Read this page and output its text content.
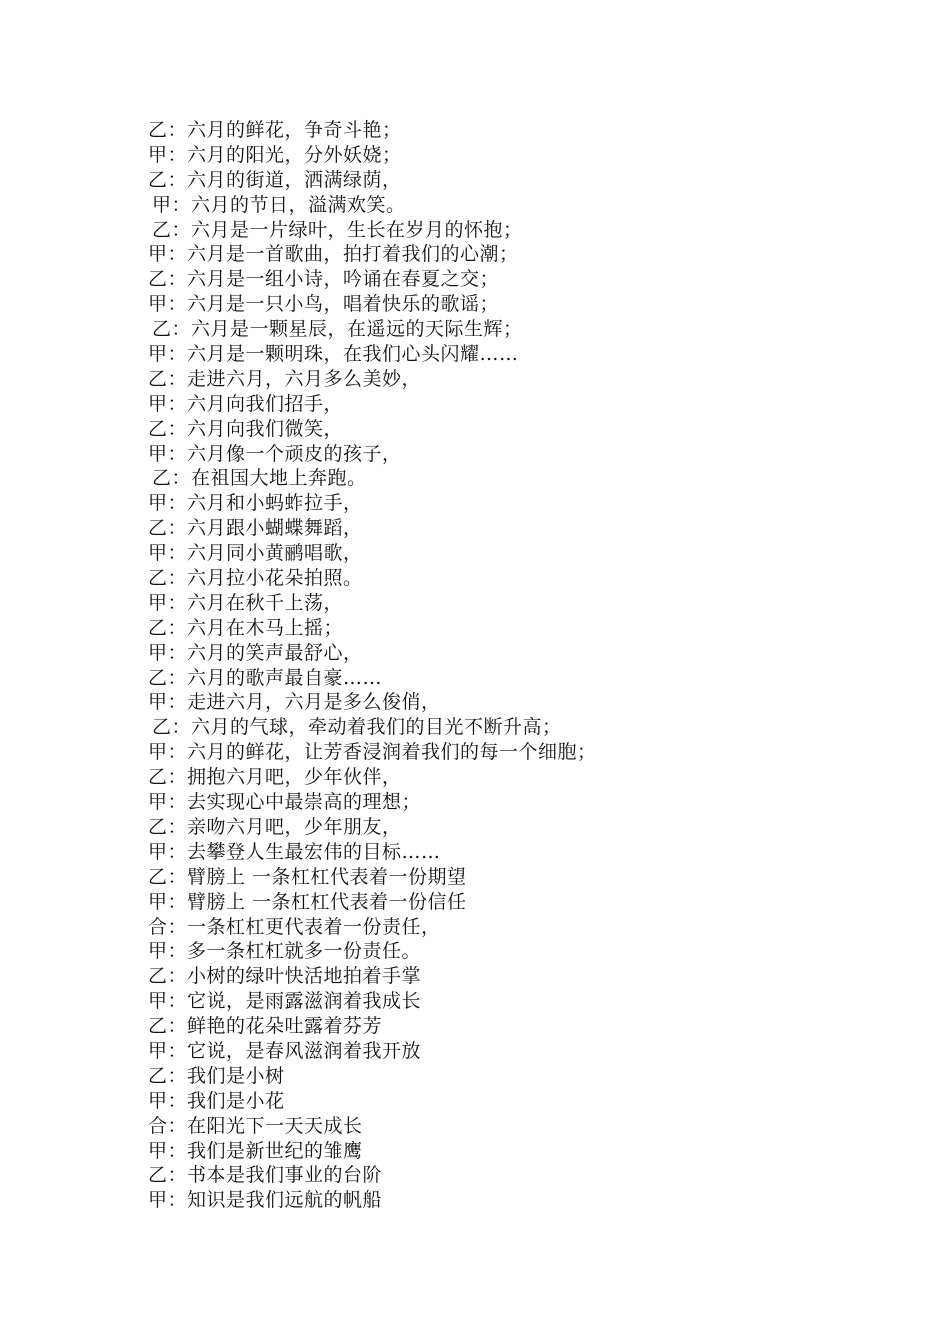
乙：六月的鲜花，争奇斗艳；
甲：六月的阳光，分外妖娆；
乙：六月的街道，洒满绿荫，
甲：六月的节日，溢满欢笑。
乙：六月是一片绿叶，生长在岁月的怀抱；
甲：六月是一首歌曲，拍打着我们的心潮；
乙：六月是一组小诗，吟诵在春夏之交；
甲：六月是一只小鸟，唱着快乐的歌谣；
乙：六月是一颗星辰，在遥远的天际生辉；
甲：六月是一颗明珠，在我们心头闪耀……
乙：走进六月，六月多么美妙，
甲：六月向我们招手，
乙：六月向我们微笑，
甲：六月像一个顽皮的孩子，
乙：在祖国大地上奔跑。
甲：六月和小蚂蚱拉手，
乙：六月跟小蝴蝶舞蹈，
甲：六月同小黄鹂唱歌，
乙：六月拉小花朵拍照。
甲：六月在秋千上荡，
乙：六月在木马上摇；
甲：六月的笑声最舒心，
乙：六月的歌声最自豪……
甲：走进六月，六月是多么俊俏，
乙：六月的气球，牵动着我们的目光不断升高；
甲：六月的鲜花，让芳香浸润着我们的每一个细胞；
乙：拥抱六月吧，少年伙伴，
甲：去实现心中最崇高的理想；
乙：亲吻六月吧，少年朋友，
甲：去攀登人生最宏伟的目标……
乙：臂膀上 一条杠杠代表着一份期望
甲：臂膀上 一条杠杠代表着一份信任
合：一条杠杠更代表着一份责任，
甲：多一条杠杠就多一份责任。
乙：小树的绿叶快活地拍着手掌
甲：它说，是雨露滋润着我成长
乙：鲜艳的花朵吐露着芬芳
甲：它说，是春风滋润着我开放
乙：我们是小树
甲：我们是小花
合：在阳光下一天天成长
甲：我们是新世纪的雏鹰
乙：书本是我们事业的台阶
甲：知识是我们远航的帆船
